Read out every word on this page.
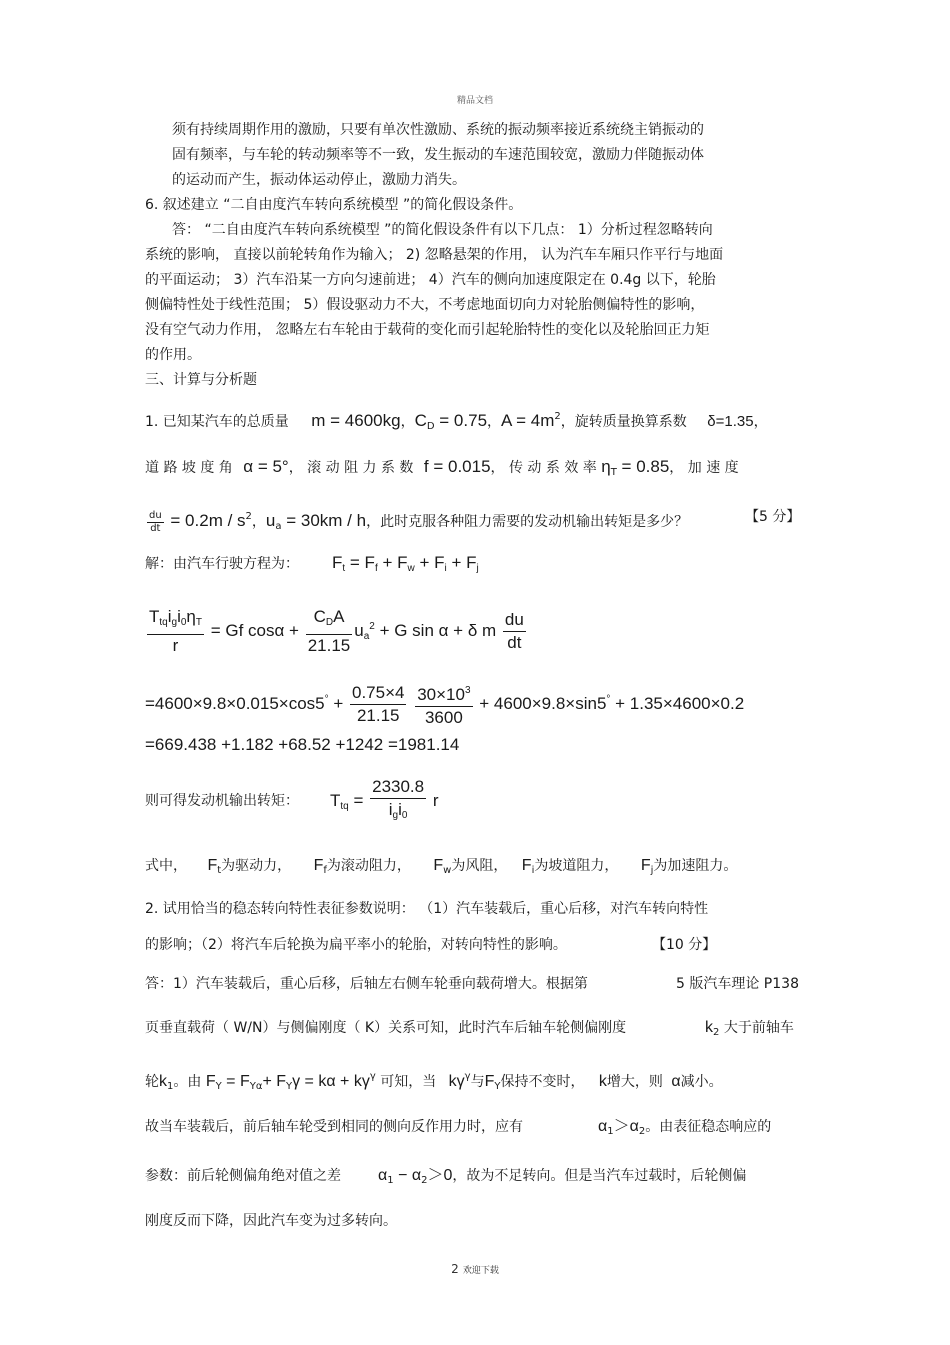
精品文档
须有持续周期作用的激励，只要有单次性激励、系统的振动频率接近系统绕主销振动的
固有频率，与车轮的转动频率等不一致，发生振动的车速范围较宽，激励力伴随振动体
的运动而产生，振动体运动停止，激励力消失。
6. 叙述建立 “二自由度汽车转向系统模型 ”的简化假设条件。
答： “二自由度汽车转向系统模型 ”的简化假设条件有以下几点： 1）分析过程忽略转向
系统的影响， 直接以前轮转角作为输入； 2) 忽略悬架的作用， 认为汽车车厢只作平行与地面
的平面运动； 3）汽车沿某一方向匀速前进； 4）汽车的侧向加速度限定在 0.4g 以下，轮胎
侧偏特性处于线性范围； 5）假设驱动力不大，不考虑地面切向力对轮胎侧偏特性的影响，
没有空气动力作用， 忽略左右车轮由于载荷的变化而引起轮胎特性的变化以及轮胎回正力矩
的作用。
三、计算与分析题
1. 已知某汽车的总质量 m = 4600kg，$C_D = 0.75$，$A = 4m^2$，旋转质量换算系数 δ=1.35，
道 路 坡 度 角 α = 5°， 滚 动 阻 力 系 数 f = 0.015， 传 动 系 效 率 $\eta_T = 0.85$， 加 速 度
$\frac{du}{dt} = 0.2m / s^2$，$u_a = 30km / h$，此时克服各种阻力需要的发动机输出转矩是多少？	【5 分】
解：由汽车行驶方程为： $F_t = F_f + F_w + F_i + F_j$
$\frac{T_{tq}i_gi_0\eta_T}{r} = Gf$ $\cos\alpha + \frac{C_DA}{21.15} u_a^2 + G$ sin α + δ m $\frac{du}{dt}$
$=4600\times 9.8\times 0.015\times\cos 5^\circ + \frac{0.75\times 4}{21.15}$
$\frac{30\times 10^3}{3600} + 4600\times 9.8\times\sin 5^\circ + 1.35\times 4600\times 0.2$
=669.438 +1.182 +68.52 +1242 =1981.14
则可得发动机输出转矩： $T_{tq} = \frac{2330.8}{i_gi_0}$ r
式中， $F_t$为驱动力， $F_f$为滚动阻力， $F_w$为风阻， $F_i$为坡道阻力， $F_j$为加速阻力。
2. 试用恰当的稳态转向特性表征参数说明： （1）汽车装载后，重心后移，对汽车转向特性
的影响；（2）将汽车后轮换为扁平率小的轮胎，对转向特性的影响。	【10 分】
答：1）汽车装载后，重心后移，后轴左右侧车轮垂向载荷增大。根据第	5 版汽车理论 P138
页垂直载荷（ W/N）与侧偏刚度（ K）关系可知，此时汽车后轴车轮侧偏刚度	$k_2$ 大于前轴车
轮$k_1$。由 $F_Y = F_{Y\alpha}+ F_Y\gamma = k\alpha + k\gamma^\gamma$ 可知，当 $k\gamma^\gamma$与$F_Y$保持不变时， k增大，则 α减小。
故当车装载后，前后轴车轮受到相同的侧向反作用力时，应有	$\alpha_1>\alpha_2$。由表征稳态响应的
参数：前后轮侧偏角绝对值之差 $\alpha_1 - \alpha_2>0$，故为不足转向。但是当汽车过载时，后轮侧偏
刚度反而下降，因此汽车变为过多转向。
2 欢迎下载
